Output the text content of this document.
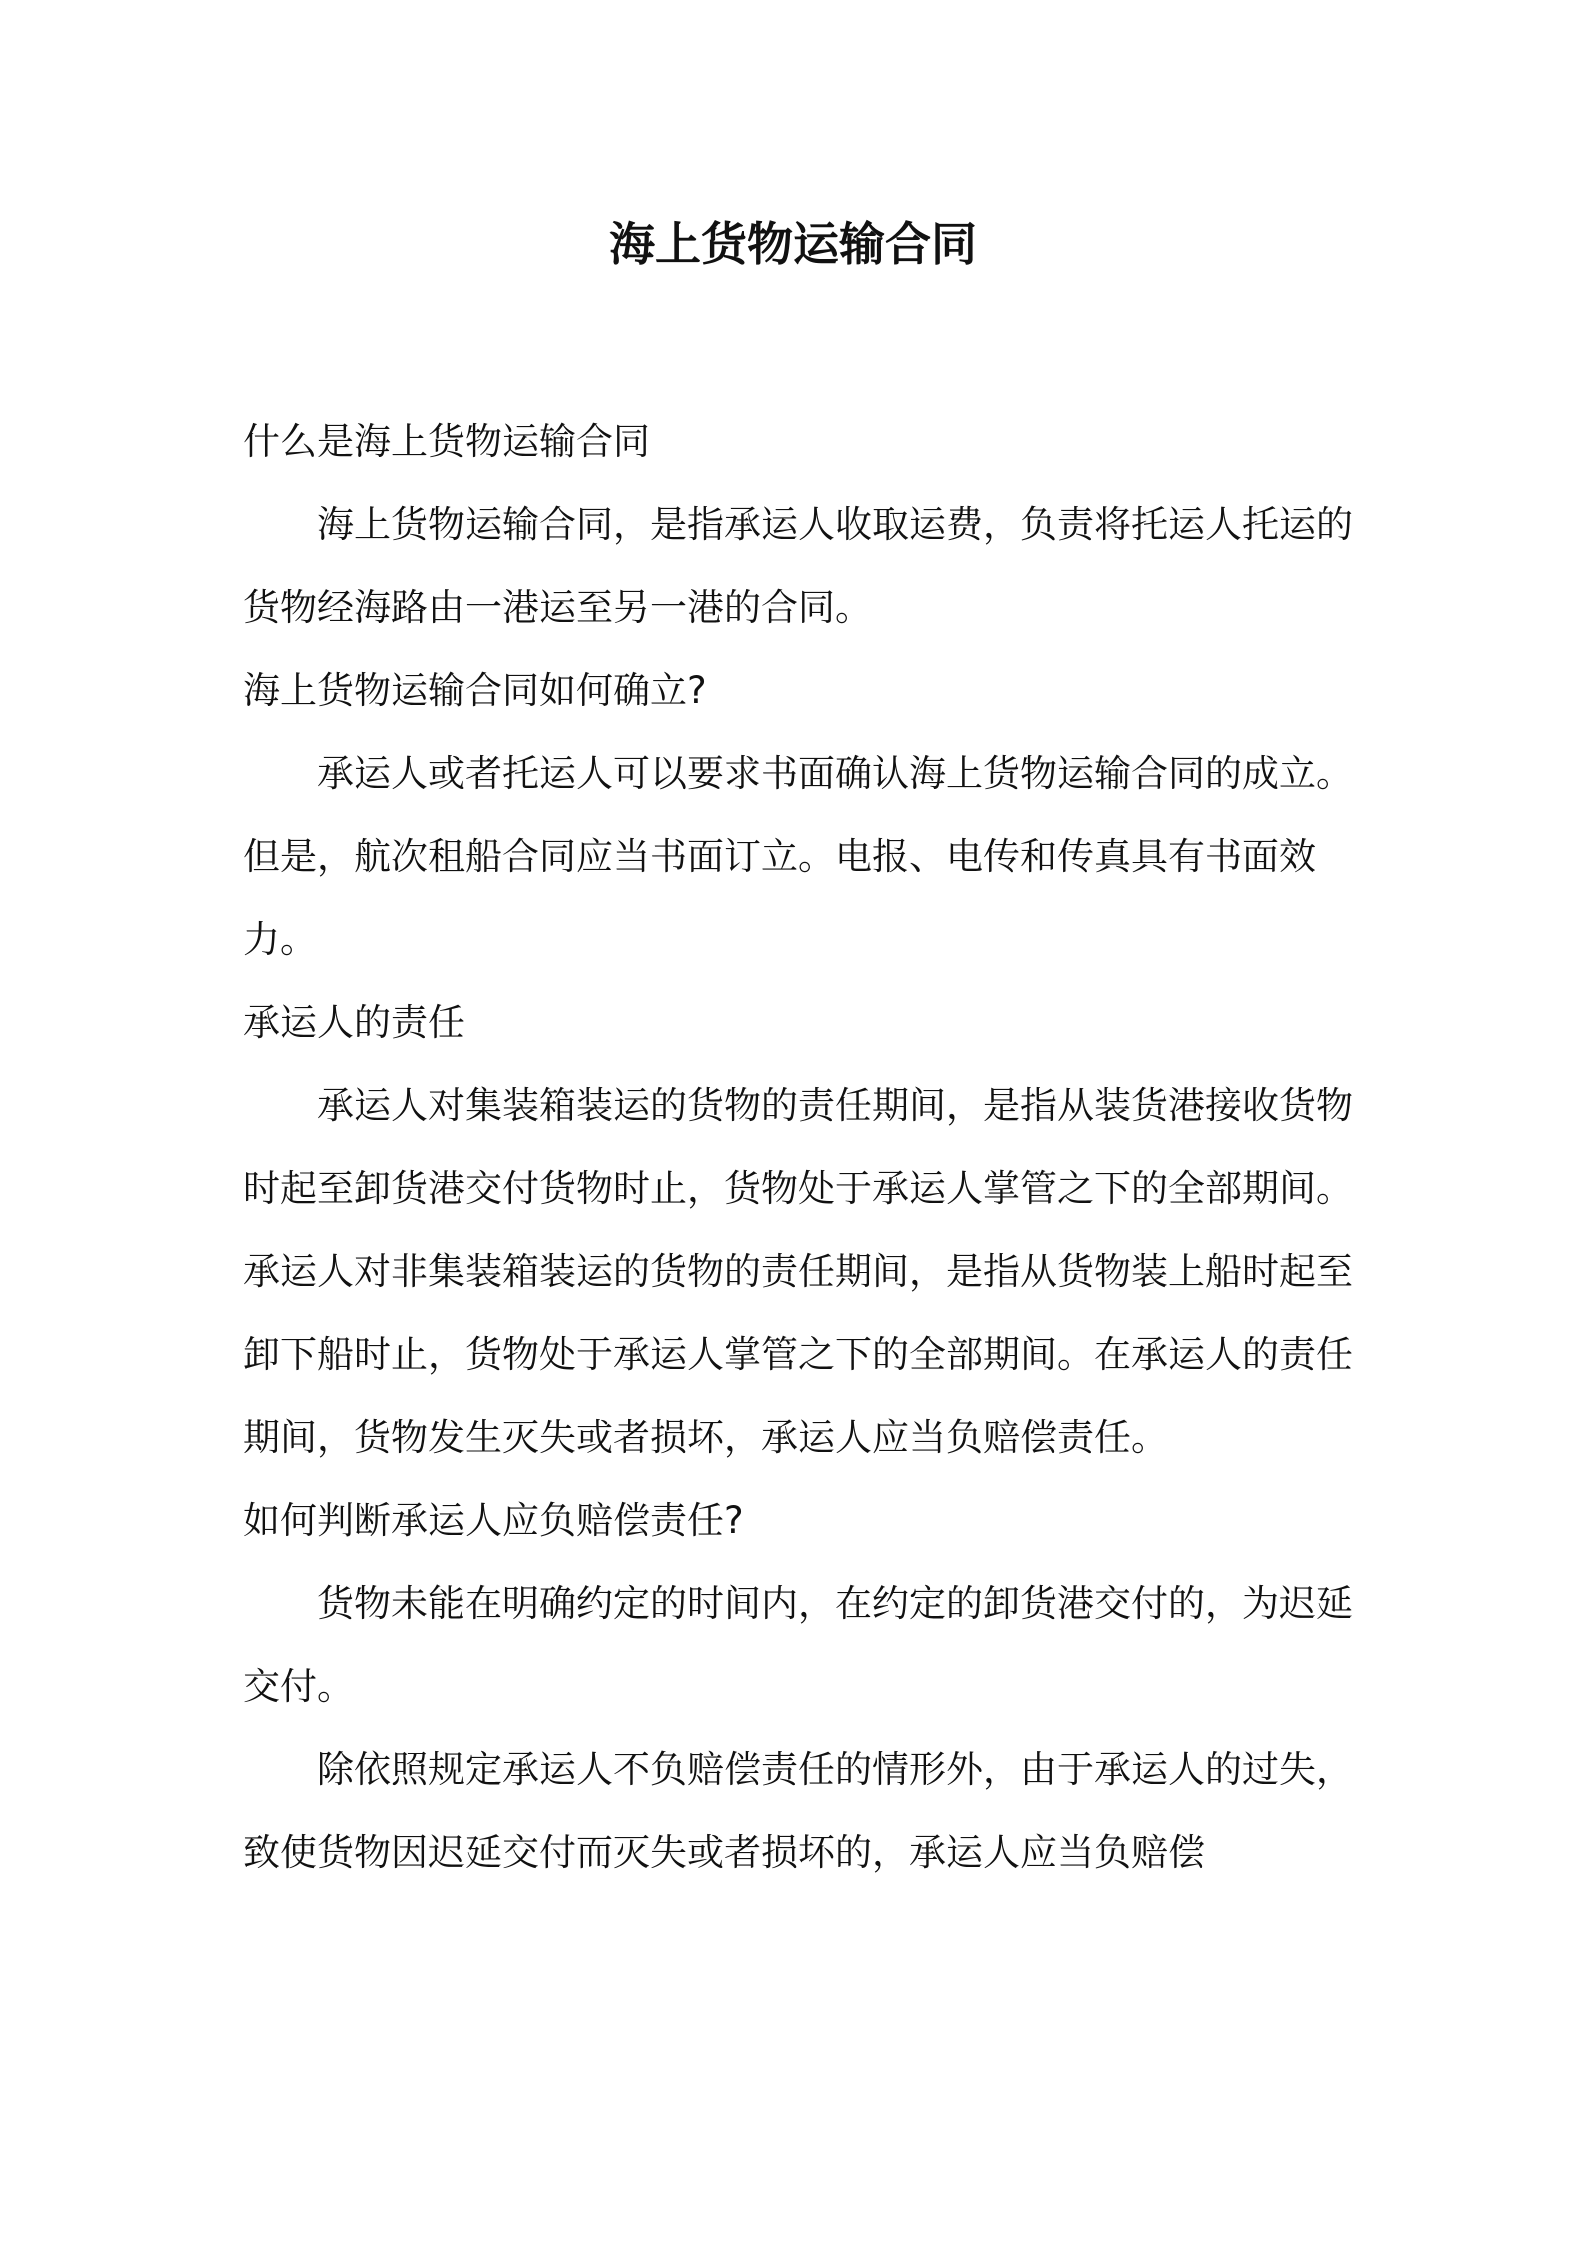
海上货物运输合同

什么是海上货物运输合同

海上货物运输合同，是指承运人收取运费，负责将托运人托运的货物经海路由一港运至另一港的合同。

海上货物运输合同如何确立?

承运人或者托运人可以要求书面确认海上货物运输合同的成立。但是，航次租船合同应当书面订立。电报、电传和传真具有书面效力。

承运人的责任

承运人对集装箱装运的货物的责任期间，是指从装货港接收货物时起至卸货港交付货物时止，货物处于承运人掌管之下的全部期间。承运人对非集装箱装运的货物的责任期间，是指从货物装上船时起至卸下船时止，货物处于承运人掌管之下的全部期间。在承运人的责任期间，货物发生灭失或者损坏，承运人应当负赔偿责任。

如何判断承运人应负赔偿责任?

货物未能在明确约定的时间内，在约定的卸货港交付的，为迟延交付。

除依照规定承运人不负赔偿责任的情形外，由于承运人的过失，致使货物因迟延交付而灭失或者损坏的，承运人应当负赔偿
